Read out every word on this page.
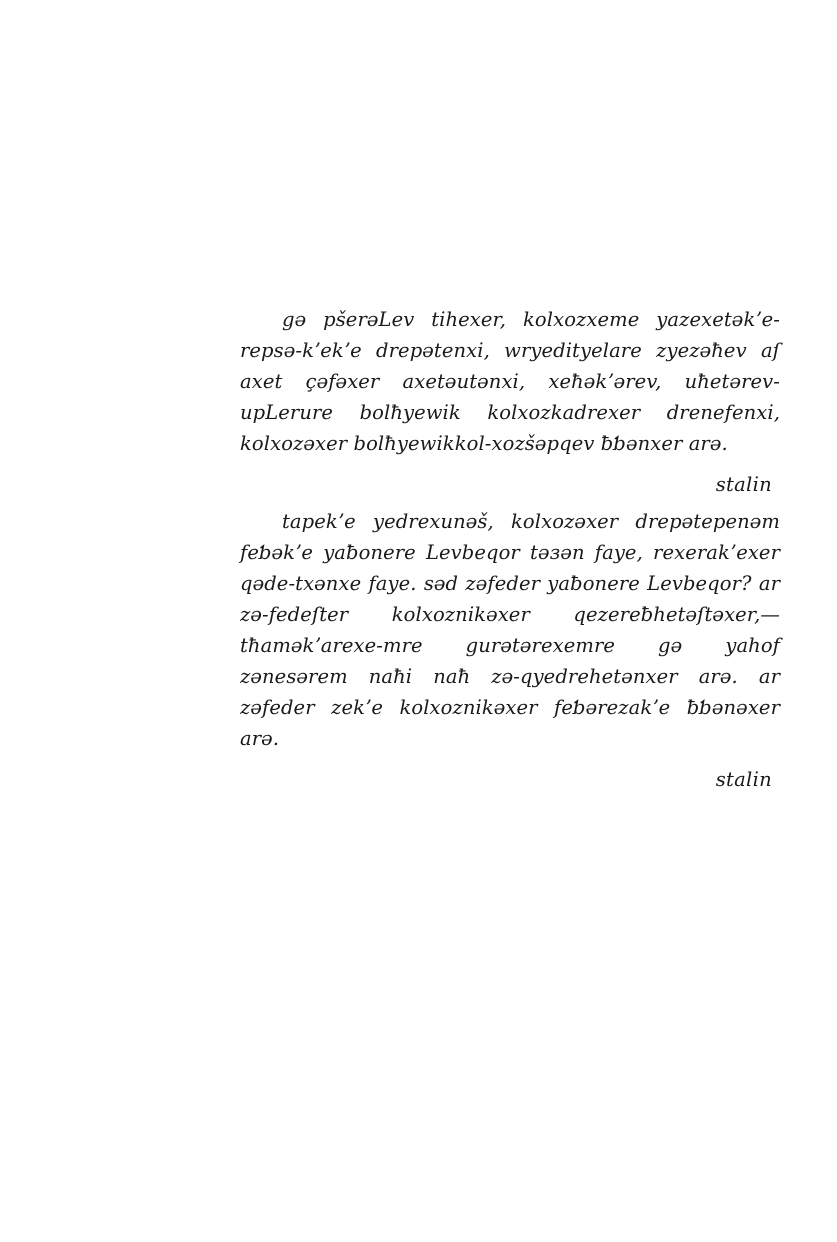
gə pšerəLev tihexer, kolxozxeme yazexetəkʼe-repsə-kʼekʼe drepətenxi, wryedityelare zyezəħev aſ axet çəfəxer axetəutənxi, xeħəkʼərev, uħetərev-upLerure bolħyewik kolxozkadrexer drenefenxi, kolxozəxer bolħyewikkol-xozšəpqev ƀƅənxer arə.

stalin

tapekʼe yedrexunəš, kolxozəxer drepətepenəm feƅəkʼe yaƀonere Levbeqor təзən faye, rexerakʼexer qəde-txənxe faye. səd zəfeder yaƀonere Levbeqor? ar zə-fedeſter kolxoznikəxer qezereƀhetəſtəxer,—tħaməkʼarexe-mre gurətərexemre gə yahof zənesərem naħi naħ zə-qyedrehetənxer arə. ar zəfeder zekʼe kolxoznikəxer feƅərezakʼe ƀƅənəxer arə.

stalin
